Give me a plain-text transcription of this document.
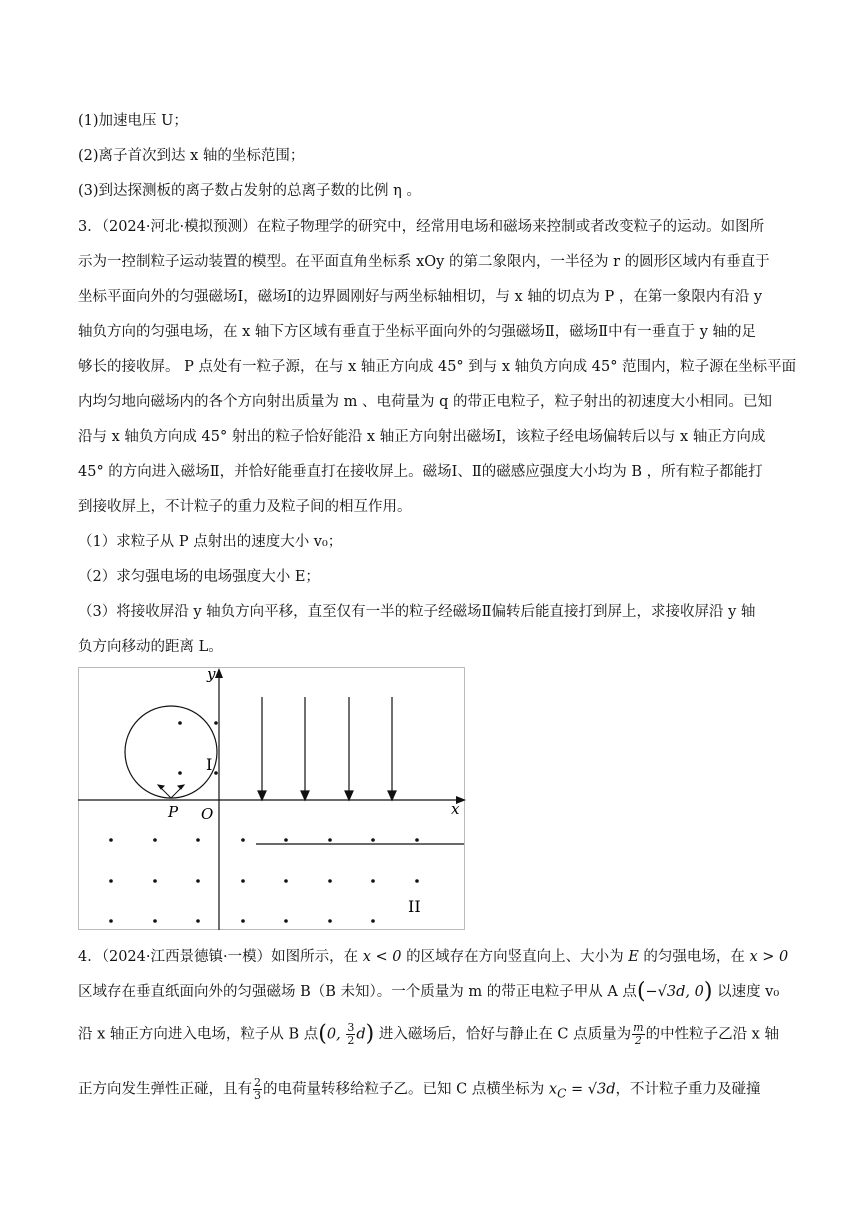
(1)加速电压 U；
(2)离子首次到达 x 轴的坐标范围；
(3)到达探测板的离子数占发射的总离子数的比例 η 。
3．（2024·河北·模拟预测）在粒子物理学的研究中，经常用电场和磁场来控制或者改变粒子的运动。如图所
示为一控制粒子运动装置的模型。在平面直角坐标系 xOy 的第二象限内，一半径为 r 的圆形区域内有垂直于
坐标平面向外的匀强磁场Ⅰ，磁场Ⅰ的边界圆刚好与两坐标轴相切，与 x 轴的切点为 P ，在第一象限内有沿 y
轴负方向的匀强电场，在 x 轴下方区域有垂直于坐标平面向外的匀强磁场Ⅱ，磁场Ⅱ中有一垂直于 y 轴的足
够长的接收屏。 P 点处有一粒子源，在与 x 轴正方向成 45° 到与 x 轴负方向成 45° 范围内，粒子源在坐标平面
内均匀地向磁场内的各个方向射出质量为 m 、电荷量为 q 的带正电粒子，粒子射出的初速度大小相同。已知
沿与 x 轴负方向成 45° 射出的粒子恰好能沿 x 轴正方向射出磁场Ⅰ，该粒子经电场偏转后以与 x 轴正方向成
45° 的方向进入磁场Ⅱ，并恰好能垂直打在接收屏上。磁场Ⅰ、Ⅱ的磁感应强度大小均为 B ，所有粒子都能打
到接收屏上，不计粒子的重力及粒子间的相互作用。
（1）求粒子从 P 点射出的速度大小 v₀；
（2）求匀强电场的电场强度大小 E；
（3）将接收屏沿 y 轴负方向平移，直至仅有一半的粒子经磁场Ⅱ偏转后能直接打到屏上，求接收屏沿 y 轴
负方向移动的距离 L。
y
x
O
P
I
II
4．（2024·江西景德镇·一模）如图所示，在 x < 0 的区域存在方向竖直向上、大小为 E 的匀强电场，在 x > 0
区域存在垂直纸面向外的匀强磁场 B（B 未知）。一个质量为 m 的带正电粒子甲从 A 点(−√3d, 0) 以速度 v₀
沿 x 轴正方向进入电场，粒子从 B 点(0, $\frac{3}{2} d$) 进入磁场后，恰好与静止在 C 点质量为 $\frac{m}{2}$ 的中性粒子乙沿 x 轴
正方向发生弹性正碰，且有 $\frac{2}{3}$ 的电荷量转移给粒子乙。已知 C 点横坐标为 $x_C = √3d$，不计粒子重力及碰撞
